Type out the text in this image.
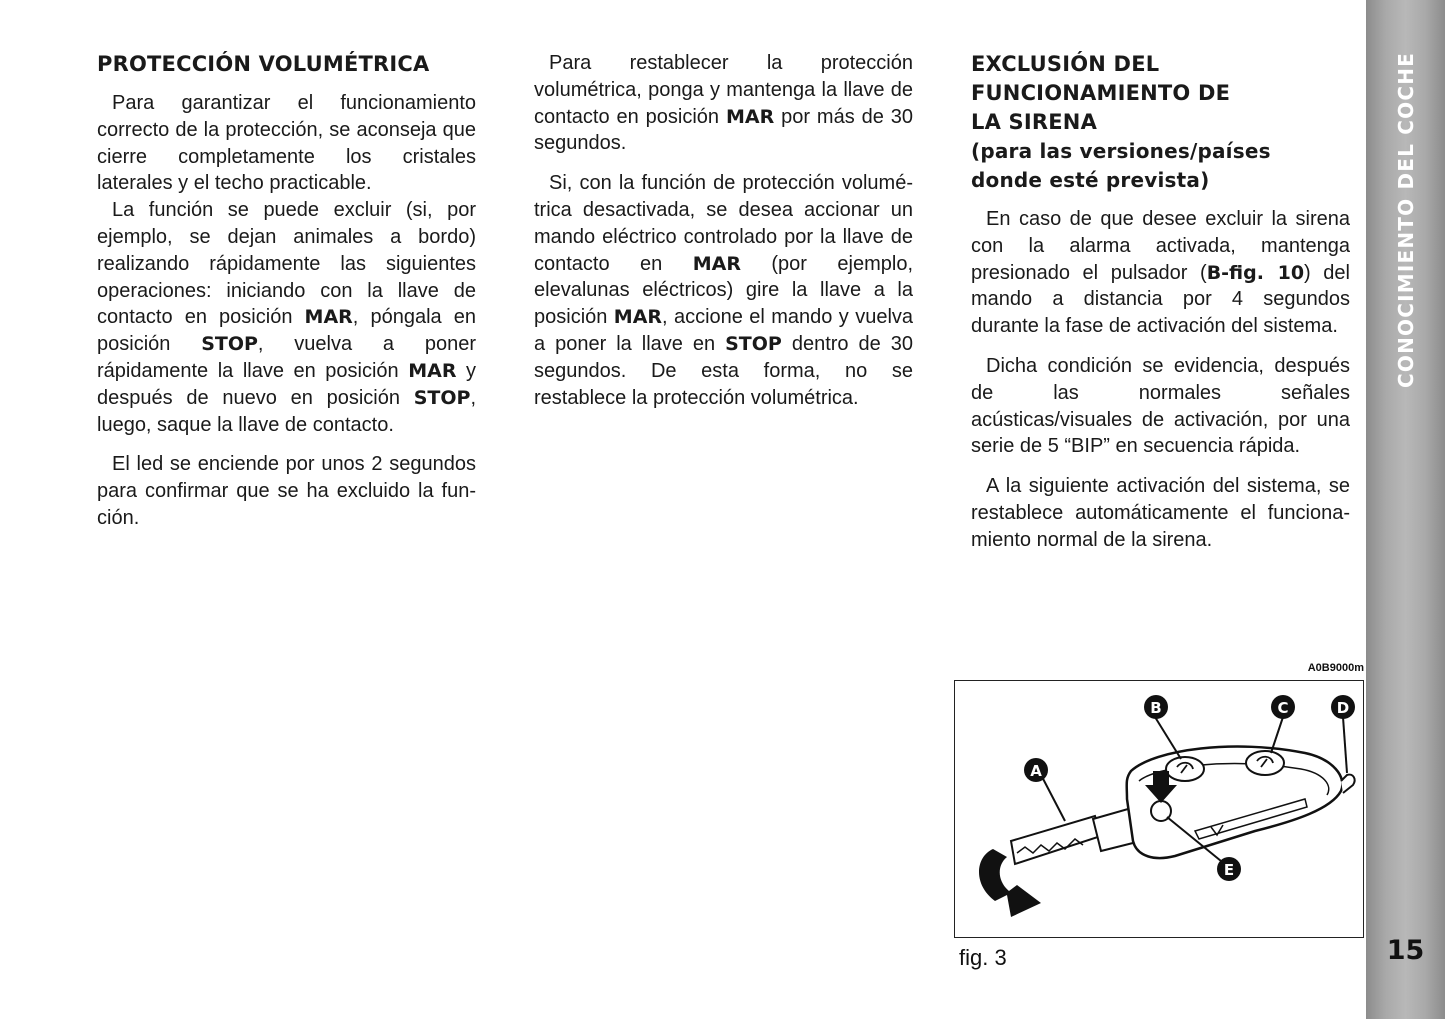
PROTECCIÓN VOLUMÉTRICA

Para garantizar el funcionamiento correcto de la protección, se aconseja que cierre completamente los cristales laterales y el techo practicable.

La función se puede excluir (si, por ejemplo, se dejan animales a bordo) realizando rápidamente las siguientes operaciones: iniciando con la llave de contacto en posición MAR, póngala en posición STOP, vuelva a poner rápidamente la llave en posición MAR y después de nuevo en posición STOP, luego, saque la llave de contacto.

El led se enciende por unos 2 segundos para confirmar que se ha excluido la función.

Para restablecer la protección volumétrica, ponga y mantenga la llave de contacto en posición MAR por más de 30 segundos.

Si, con la función de protección volumétrica desactivada, se desea accionar un mando eléctrico controlado por la llave de contacto en MAR (por ejemplo, elevalunas eléctricos) gire la llave a la posición MAR, accione el mando y vuelva a poner la llave en STOP dentro de 30 segundos. De esta forma, no se restablece la protección volumétrica.

EXCLUSIÓN DEL
FUNCIONAMIENTO DE
LA SIRENA
(para las versiones/países
donde esté prevista)

En caso de que desee excluir la sirena con la alarma activada, mantenga presionado el pulsador (B-fig. 10) del mando a distancia por 4 segundos durante la fase de activación del sistema.

Dicha condición se evidencia, después de las normales señales acústicas/visuales de activación, por una serie de 5 “BIP” en secuencia rápida.

A la siguiente activación del sistema, se restablece automáticamente el funcionamiento normal de la sirena.

A0B9000m
A
B	C	D
E
fig. 3
CONOCIMIENTO DEL COCHE
15
